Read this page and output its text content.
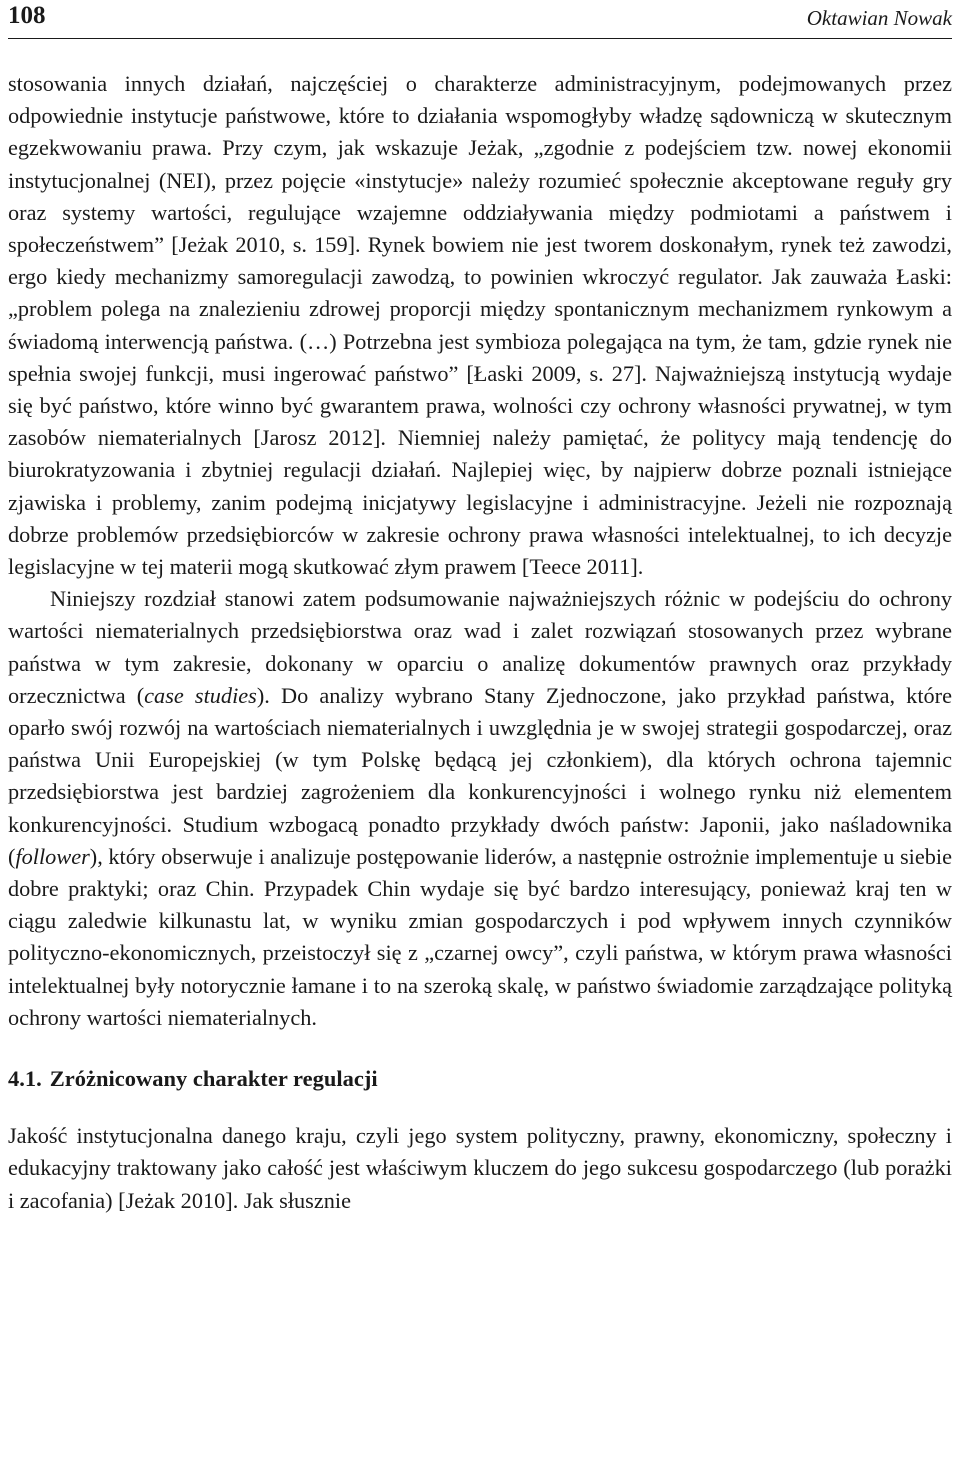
108	Oktawian Nowak

stosowania innych działań, najczęściej o charakterze administracyjnym, podejmowanych przez odpowiednie instytucje państwowe, które to działania wspomogłyby władzę sądowniczą w skutecznym egzekwowaniu prawa. Przy czym, jak wskazuje Jeżak, „zgodnie z podejściem tzw. nowej ekonomii instytucjonalnej (NEI), przez pojęcie «instytucje» należy rozumieć społecznie akceptowane reguły gry oraz systemy wartości, regulujące wzajemne oddziaływania między podmiotami a państwem i społeczeństwem” [Jeżak 2010, s. 159]. Rynek bowiem nie jest tworem doskonałym, rynek też zawodzi, ergo kiedy mechanizmy samoregulacji zawodzą, to powinien wkroczyć regulator. Jak zauważa Łaski: „problem polega na znalezieniu zdrowej proporcji między spontanicznym mechanizmem rynkowym a świadomą interwencją państwa. (…) Potrzebna jest symbioza polegająca na tym, że tam, gdzie rynek nie spełnia swojej funkcji, musi ingerować państwo” [Łaski 2009, s. 27]. Najważniejszą instytucją wydaje się być państwo, które winno być gwarantem prawa, wolności czy ochrony własności prywatnej, w tym zasobów niematerialnych [Jarosz 2012]. Niemniej należy pamiętać, że politycy mają tendencję do biurokratyzowania i zbytniej regulacji działań. Najlepiej więc, by najpierw dobrze poznali istniejące zjawiska i problemy, zanim podejmą inicjatywy legislacyjne i administracyjne. Jeżeli nie rozpoznają dobrze problemów przedsiębiorców w zakresie ochrony prawa własności intelektualnej, to ich decyzje legislacyjne w tej materii mogą skutkować złym prawem [Teece 2011].

Niniejszy rozdział stanowi zatem podsumowanie najważniejszych różnic w podejściu do ochrony wartości niematerialnych przedsiębiorstwa oraz wad i zalet rozwiązań stosowanych przez wybrane państwa w tym zakresie, dokonany w oparciu o analizę dokumentów prawnych oraz przykłady orzecznictwa (case studies). Do analizy wybrano Stany Zjednoczone, jako przykład państwa, które oparło swój rozwój na wartościach niematerialnych i uwzględnia je w swojej strategii gospodarczej, oraz państwa Unii Europejskiej (w tym Polskę będącą jej członkiem), dla których ochrona tajemnic przedsiębiorstwa jest bardziej zagrożeniem dla konkurencyjności i wolnego rynku niż elementem konkurencyjności. Studium wzbogacą ponadto przykłady dwóch państw: Japonii, jako naśladownika (follower), który obserwuje i analizuje postępowanie liderów, a następnie ostrożnie implementuje u siebie dobre praktyki; oraz Chin. Przypadek Chin wydaje się być bardzo interesujący, ponieważ kraj ten w ciągu zaledwie kilkunastu lat, w wyniku zmian gospodarczych i pod wpływem innych czynników polityczno-ekonomicznych, przeistoczył się z „czarnej owcy”, czyli państwa, w którym prawa własności intelektualnej były notorycznie łamane i to na szeroką skalę, w państwo świadomie zarządzające polityką ochrony wartości niematerialnych.

4.1. Zróżnicowany charakter regulacji

Jakość instytucjonalna danego kraju, czyli jego system polityczny, prawny, ekonomiczny, społeczny i edukacyjny traktowany jako całość jest właściwym kluczem do jego sukcesu gospodarczego (lub porażki i zacofania) [Jeżak 2010]. Jak słusznie
